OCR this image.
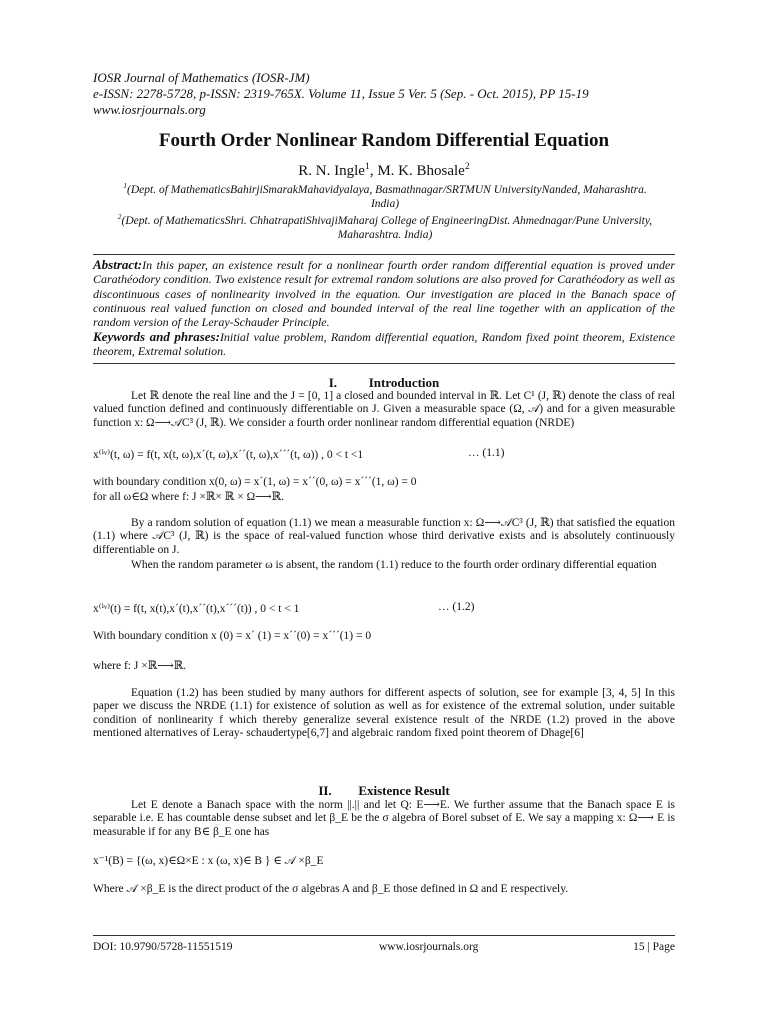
IOSR Journal of Mathematics (IOSR-JM)
e-ISSN: 2278-5728, p-ISSN: 2319-765X. Volume 11, Issue 5 Ver. 5 (Sep. - Oct. 2015), PP 15-19
www.iosrjournals.org
Fourth Order Nonlinear Random Differential Equation
R. N. Ingle$^1$, M. K. Bhosale$^2$
$^1$(Dept. of MathematicsBahirjiSmarakMahavidyalaya, Basmathnagar/SRTMUN UniversityNanded, Maharashtra. India)
$^2$(Dept. of MathematicsShri. ChhatrapatiShivajiMaharaj College of EngineeringDist. Ahmednagar/Pune University, Maharashtra. India)
Abstract:In this paper, an existence result for a nonlinear fourth order random differential equation is proved under Carathéodory condition. Two existence result for extremal random solutions are also proved for Carathéodory as well as discontinuous cases of nonlinearity involved in the equation. Our investigation are placed in the Banach space of continuous real valued function on closed and bounded interval of the real line together with an application of the random version of the Leray-Schauder Principle.
Keywords and phrases:Initial value problem, Random differential equation, Random fixed point theorem, Existence theorem, Extremal solution.
I. Introduction
Let ℝ denote the real line and the J = [0, 1] a closed and bounded interval in ℝ. Let C¹ (J, ℝ) denote the class of real valued function defined and continuously differentiable on J. Given a measurable space (Ω, 𝒜) and for a given measurable function x: Ω⟶𝒜C³ (J, ℝ). We consider a fourth order nonlinear random differential equation (NRDE)
x⁽ⁱᵛ⁾(t, ω) = f(t, x(t, ω),x´(t, ω),x´´(t, ω),x´´´(t, ω)) , 0 < t <1	… (1.1)
with boundary condition x(0, ω) = x´(1, ω) = x´´(0, ω) = x´´´(1, ω) = 0
for all ω∈Ω where f: J ×ℝ× ℝ × Ω⟶ℝ.
By a random solution of equation (1.1) we mean a measurable function x: Ω⟶𝒜C³ (J, ℝ) that satisfied the equation (1.1) where 𝒜C³ (J, ℝ) is the space of real-valued function whose third derivative exists and is absolutely continuously differentiable on J.
When the random parameter ω is absent, the random (1.1) reduce to the fourth order ordinary differential equation
x⁽ⁱᵛ⁾(t) = f(t, x(t),x´(t),x´´(t),x´´´(t)) , 0 < t < 1	… (1.2)
With boundary condition x (0) = x´ (1) = x´´(0) = x´´´(1) = 0
where f: J ×ℝ⟶ℝ.
Equation (1.2) has been studied by many authors for different aspects of solution, see for example [3, 4, 5] In this paper we discuss the NRDE (1.1) for existence of solution as well as for existence of the extremal solution, under suitable condition of nonlinearity f which thereby generalize several existence result of the NRDE (1.2) proved in the above mentioned alternatives of Leray- schaudertype[6,7] and algebraic random fixed point theorem of Dhage[6]
II. Existence Result
Let E denote a Banach space with the norm ||.|| and let Q: E⟶E. We further assume that the Banach space E is separable i.e. E has countable dense subset and let β_E be the σ algebra of Borel subset of E. We say a mapping x: Ω⟶ E is measurable if for any B∈ β_E one has
x⁻¹(B) = {(ω, x)∈Ω×E : x (ω, x)∈ B } ∈ 𝒜 ×β_E
Where 𝒜 ×β_E is the direct product of the σ algebras A and β_E those defined in Ω and E respectively.
DOI: 10.9790/5728-11551519	www.iosrjournals.org	15 | Page
